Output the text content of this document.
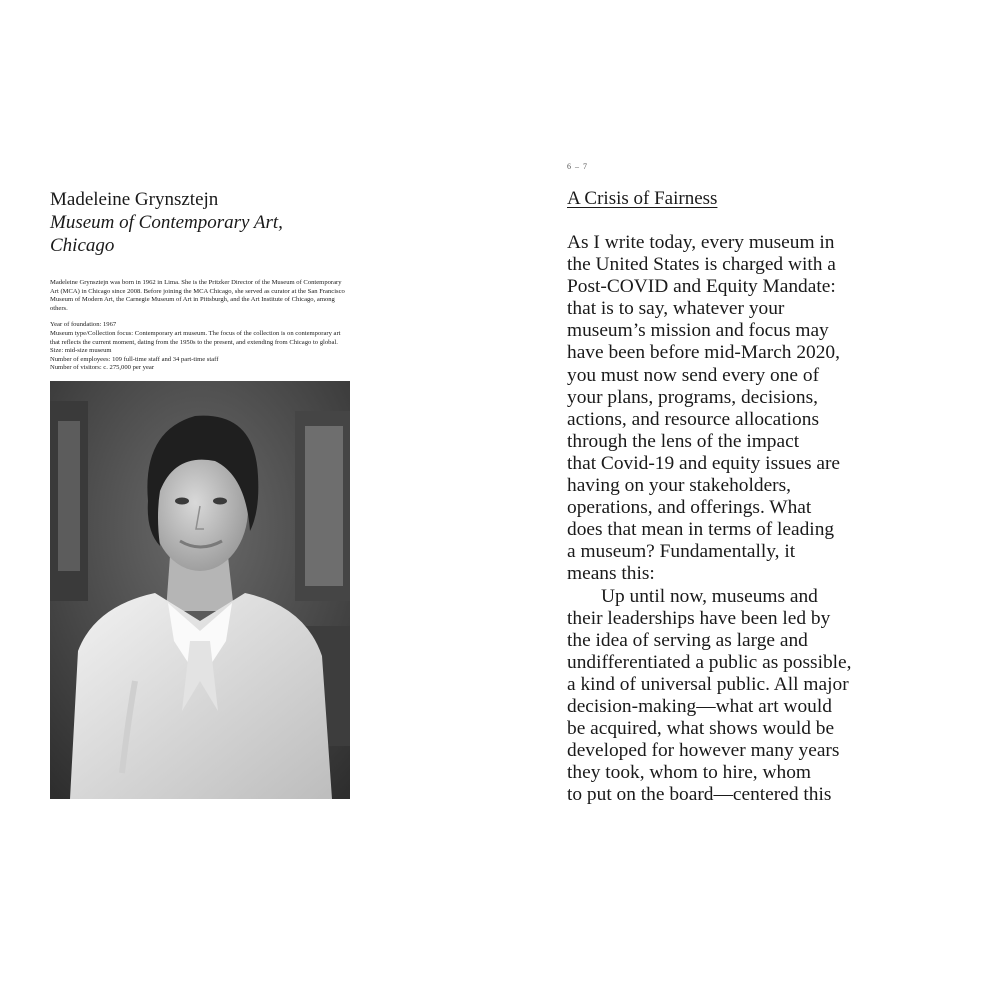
Madeleine Grynsztejn

Museum of Contemporary Art, Chicago

Madeleine Grynsztejn was born in 1962 in Lima. She is the Pritzker Director of the Museum of Contemporary Art (MCA) in Chicago since 2008. Before joining the MCA Chicago, she served as curator at the San Francisco Museum of Modern Art, the Carnegie Museum of Art in Pittsburgh, and the Art Institute of Chicago, among others.
Year of foundation: 1967
Museum type/Collection focus: Contemporary art museum. The focus of the collection is on contemporary art that reflects the current moment, dating from the 1950s to the present, and extending from Chicago to global.
Size: mid-size museum
Number of employees: 109 full-time staff and 34 part-time staff
Number of visitors: c. 275,000 per year
6 – 7
A Crisis of Fairness
As I write today, every museum in
the United States is charged with a
Post-COVID and Equity Mandate:
that is to say, whatever your
museum’s mission and focus may
have been before mid-March 2020,
you must now send every one of
your plans, programs, decisions,
actions, and resource allocations
through the lens of the impact
that Covid-19 and equity issues are
having on your stakeholders,
operations, and offerings. What
does that mean in terms of leading
a museum? Fundamentally, it
means this:
Up until now, museums and
their leaderships have been led by
the idea of serving as large and
undifferentiated a public as possible,
a kind of universal public. All major
decision-making—what art would
be acquired, what shows would be
developed for however many years
they took, whom to hire, whom
to put on the board—centered this
